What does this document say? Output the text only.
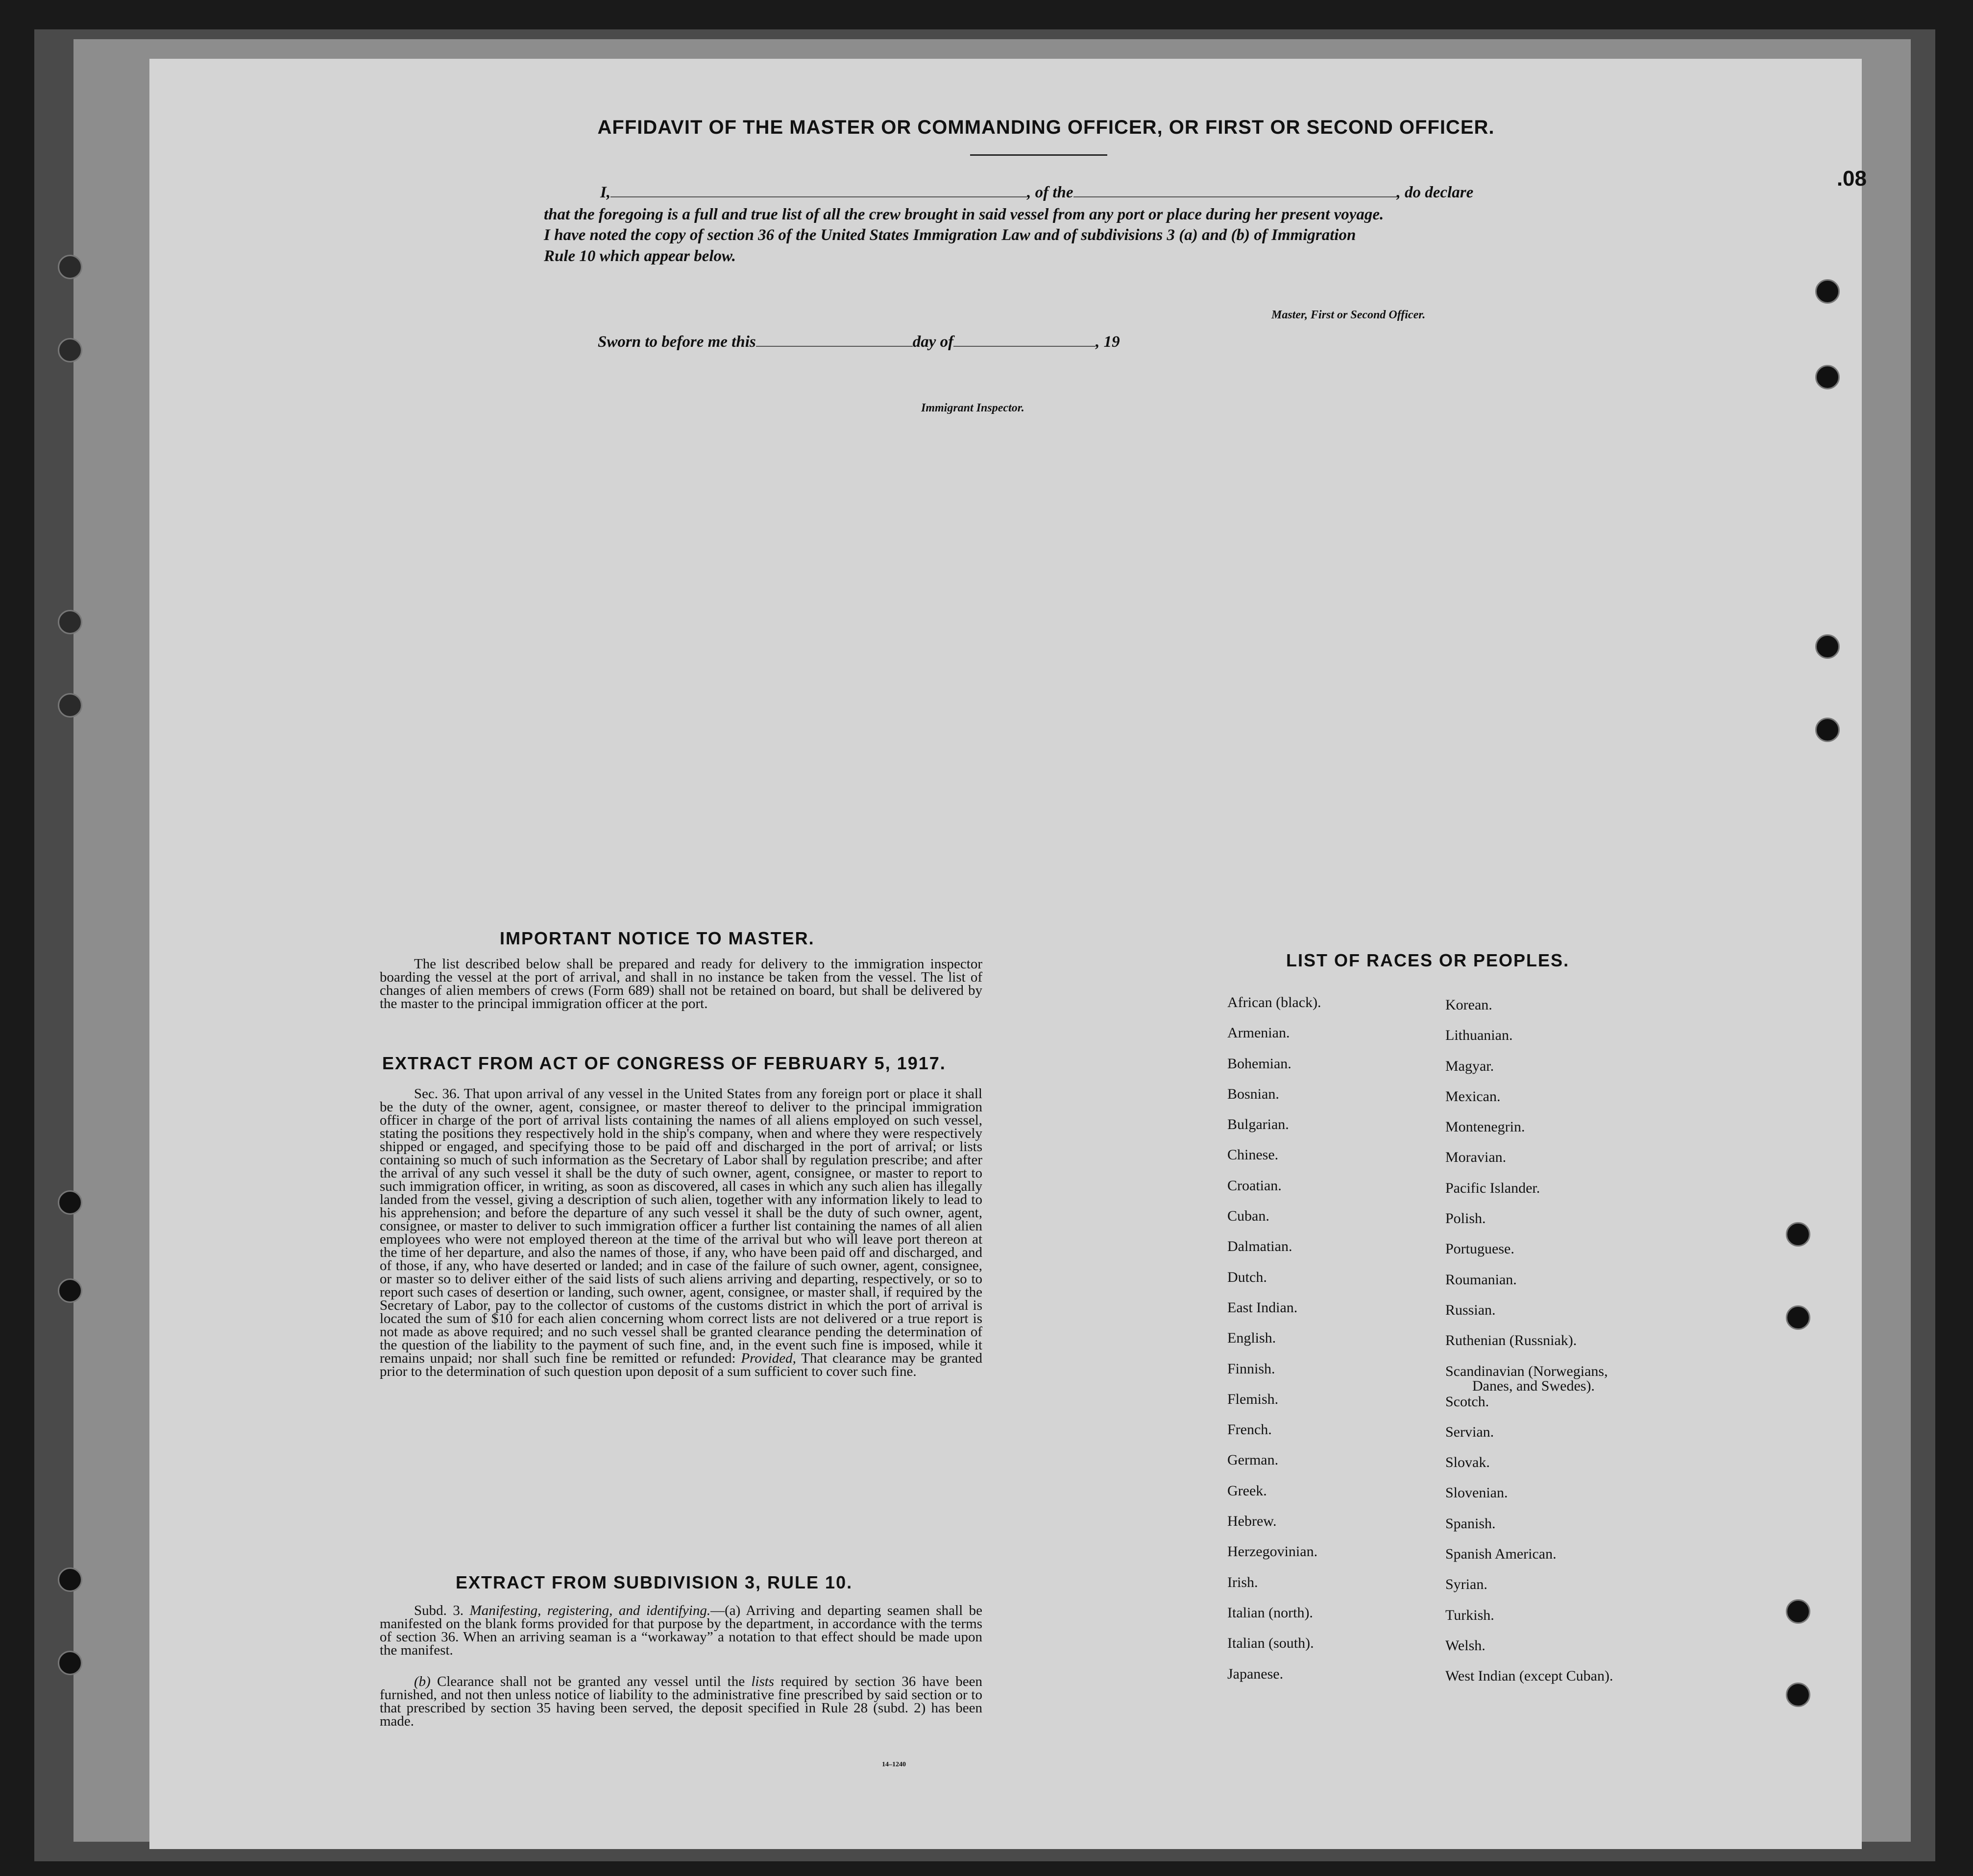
.08
AFFIDAVIT OF THE MASTER OR COMMANDING OFFICER, OR FIRST OR SECOND OFFICER.
I,	, of the	, do declare
that the foregoing is a full and true list of all the crew brought in said vessel from any port or place during her present voyage.
I have noted the copy of section 36 of the United States Immigration Law and of subdivisions 3 (a) and (b) of Immigration
Rule 10 which appear below.
Master, First or Second Officer.
Sworn to before me this	day of	, 19
Immigrant Inspector.
IMPORTANT NOTICE TO MASTER.
The list described below shall be prepared and ready for delivery to the immigration inspector boarding the vessel at the port of arrival, and shall in no instance be taken from the vessel. The list of changes of alien members of crews (Form 689) shall not be retained on board, but shall be delivered by the master to the principal immigration officer at the port.
EXTRACT FROM ACT OF CONGRESS OF FEBRUARY 5, 1917.
Sec. 36. That upon arrival of any vessel in the United States from any foreign port or place it shall be the duty of the owner, agent, consignee, or master thereof to deliver to the principal immigration officer in charge of the port of arrival lists containing the names of all aliens employed on such vessel, stating the positions they respectively hold in the ship's company, when and where they were respectively shipped or engaged, and specifying those to be paid off and discharged in the port of arrival; or lists containing so much of such information as the Secretary of Labor shall by regulation prescribe; and after the arrival of any such vessel it shall be the duty of such owner, agent, consignee, or master to report to such immigration officer, in writing, as soon as discovered, all cases in which any such alien has illegally landed from the vessel, giving a description of such alien, together with any information likely to lead to his apprehension; and before the departure of any such vessel it shall be the duty of such owner, agent, consignee, or master to deliver to such immigration officer a further list containing the names of all alien employees who were not employed thereon at the time of the arrival but who will leave port thereon at the time of her departure, and also the names of those, if any, who have been paid off and discharged, and of those, if any, who have deserted or landed; and in case of the failure of such owner, agent, consignee, or master so to deliver either of the said lists of such aliens arriving and departing, respectively, or so to report such cases of desertion or landing, such owner, agent, consignee, or master shall, if required by the Secretary of Labor, pay to the collector of customs of the customs district in which the port of arrival is located the sum of $10 for each alien concerning whom correct lists are not delivered or a true report is not made as above required; and no such vessel shall be granted clearance pending the determination of the question of the liability to the payment of such fine, and, in the event such fine is imposed, while it remains unpaid; nor shall such fine be remitted or refunded: Provided, That clearance may be granted prior to the determination of such question upon deposit of a sum sufficient to cover such fine.
EXTRACT FROM SUBDIVISION 3, RULE 10.
Subd. 3. Manifesting, registering, and identifying.—(a) Arriving and departing seamen shall be manifested on the blank forms provided for that purpose by the department, in accordance with the terms of section 36. When an arriving seaman is a “workaway” a notation to that effect should be made upon the manifest.
(b) Clearance shall not be granted any vessel until the lists required by section 36 have been furnished, and not then unless notice of liability to the administrative fine prescribed by said section or to that prescribed by section 35 having been served, the deposit specified in Rule 28 (subd. 2) has been made.
14–1240
LIST OF RACES OR PEOPLES.
African (black).
Armenian.
Bohemian.
Bosnian.
Bulgarian.
Chinese.
Croatian.
Cuban.
Dalmatian.
Dutch.
East Indian.
English.
Finnish.
Flemish.
French.
German.
Greek.
Hebrew.
Herzegovinian.
Irish.
Italian (north).
Italian (south).
Japanese.
Korean.
Lithuanian.
Magyar.
Mexican.
Montenegrin.
Moravian.
Pacific Islander.
Polish.
Portuguese.
Roumanian.
Russian.
Ruthenian (Russniak).
Scandinavian (Norwegians,
Danes, and Swedes).
Scotch.
Servian.
Slovak.
Slovenian.
Spanish.
Spanish American.
Syrian.
Turkish.
Welsh.
West Indian (except Cuban).
